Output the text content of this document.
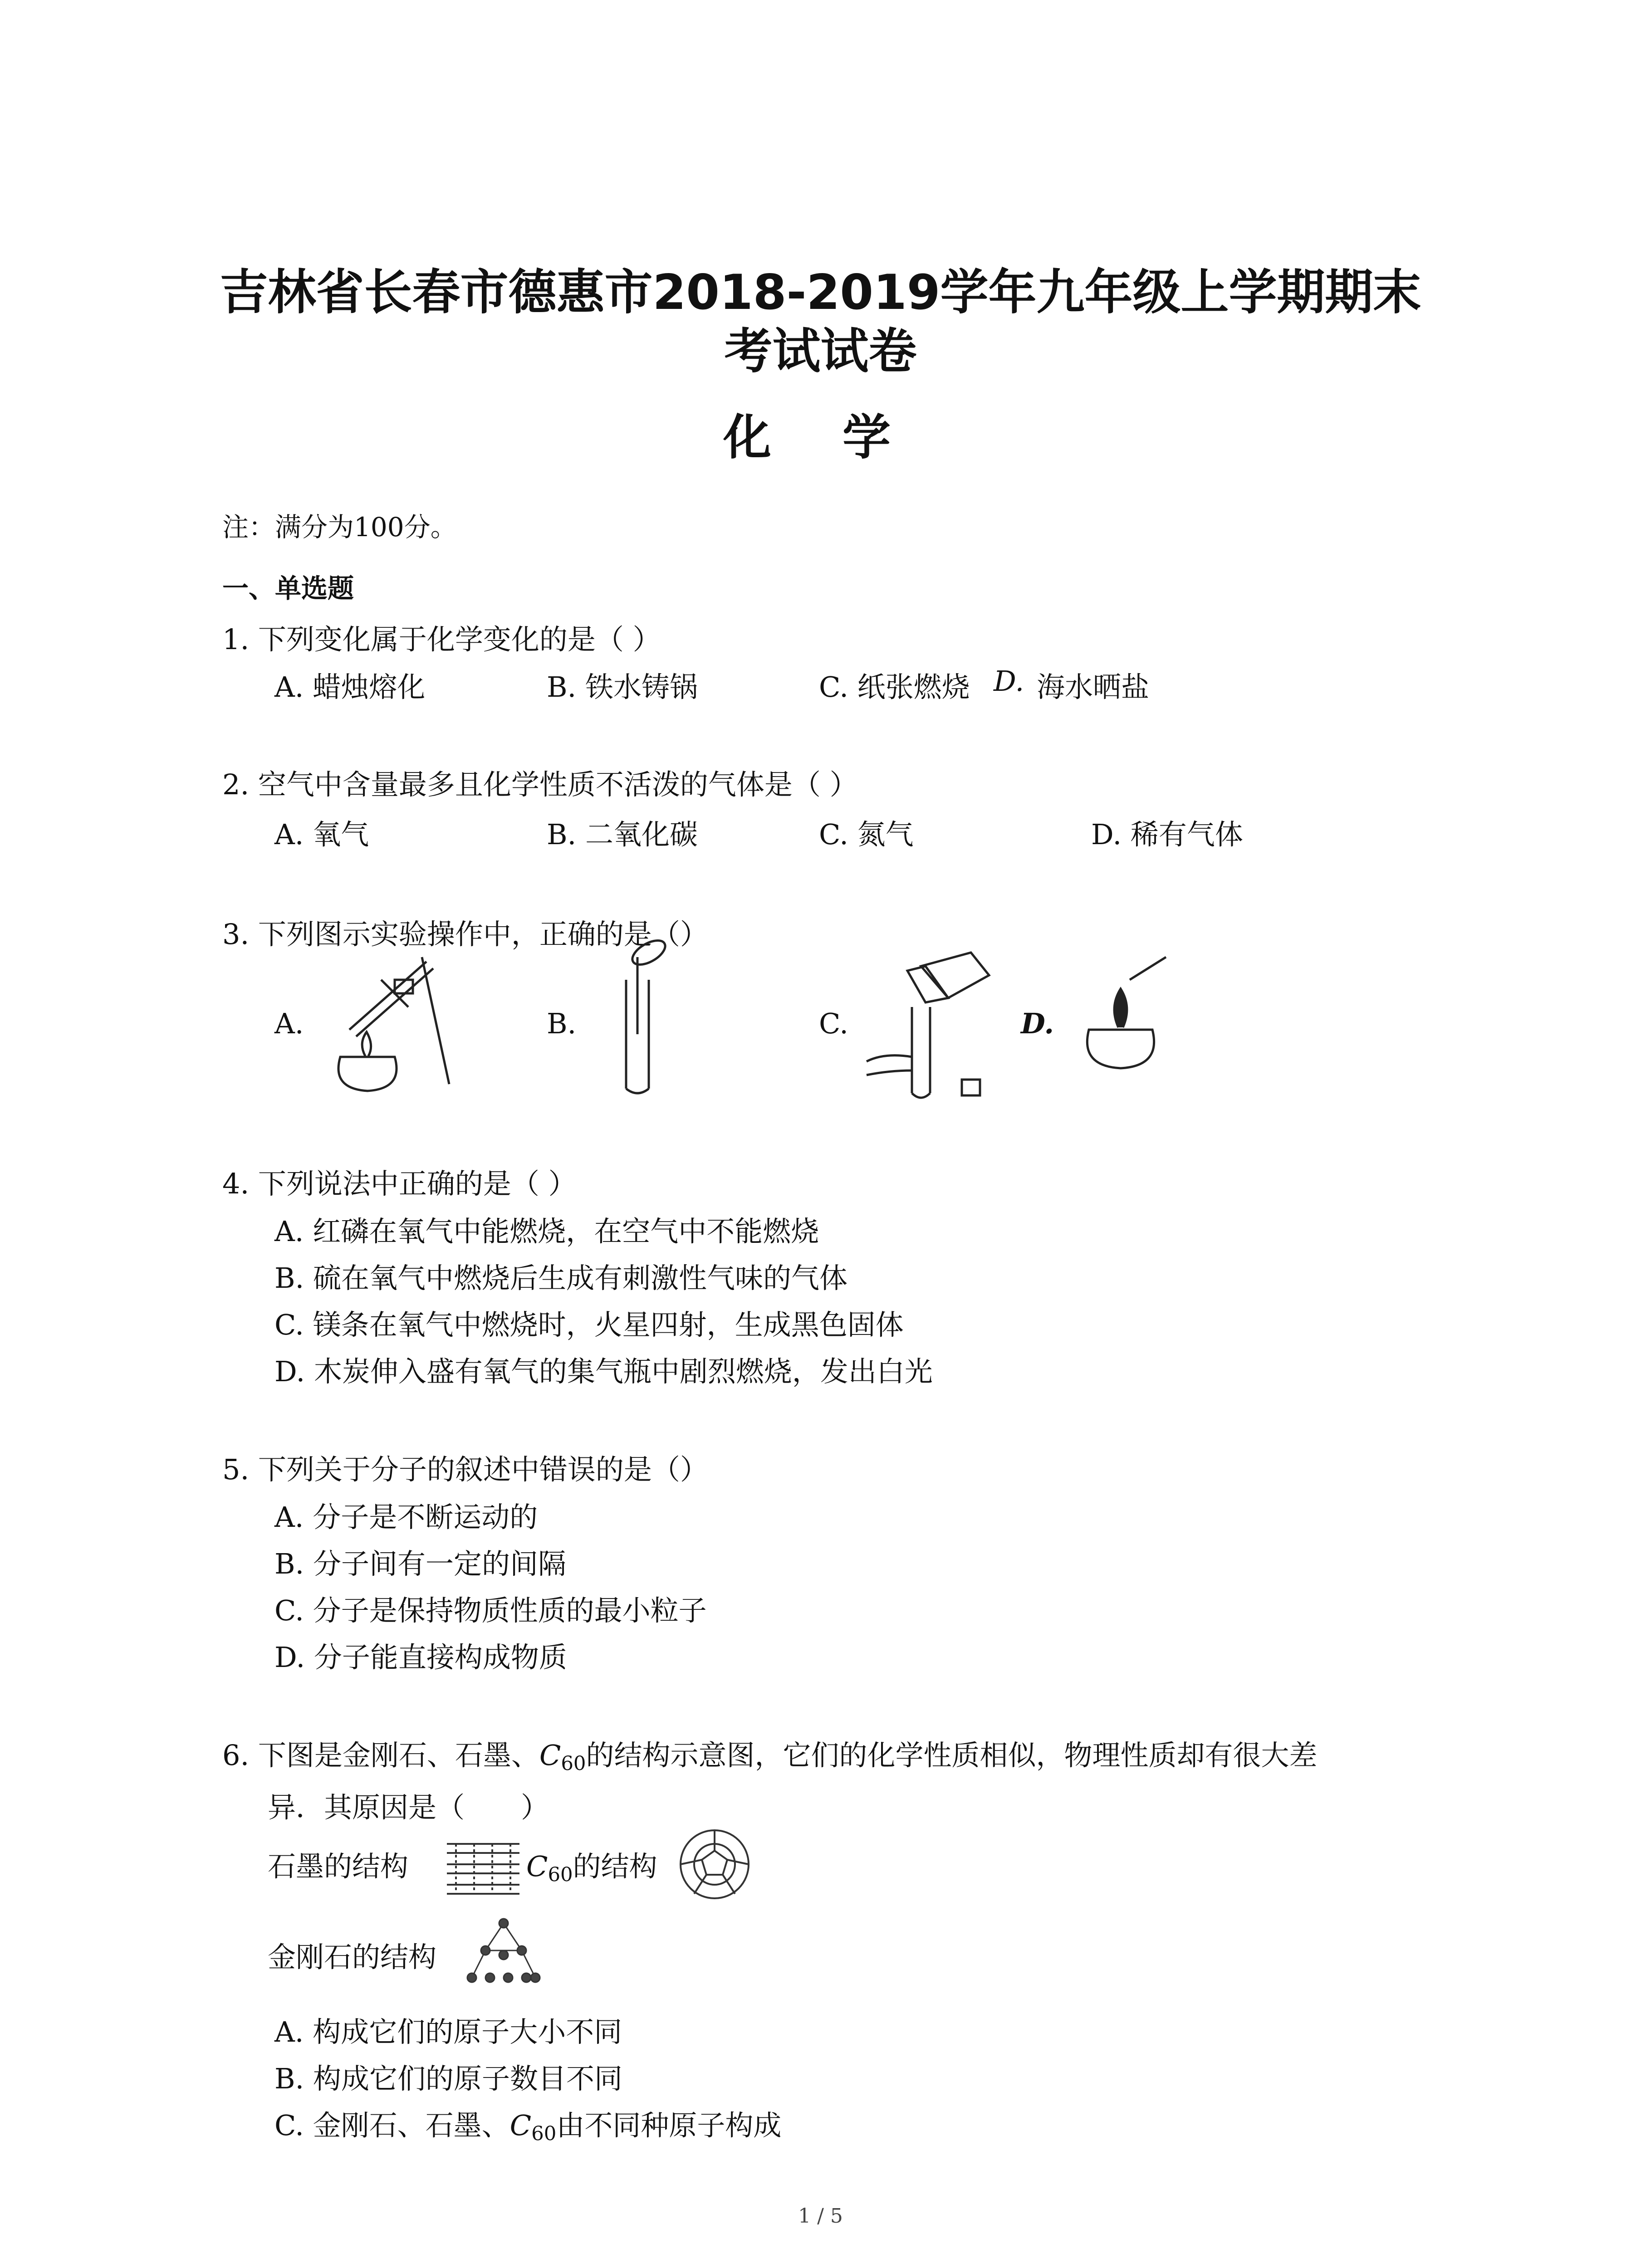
吉林省长春市德惠市2018-2019学年九年级上学期期末
考试试卷
化 学
注：满分为100分。
一、单选题
1. 下列变化属于化学变化的是（ ）
A. 蜡烛熔化	B. 铁水铸锅	C. 纸张燃烧 D. 海水晒盐
2. 空气中含量最多且化学性质不活泼的气体是（ ）
A. 氧气	B. 二氧化碳	C. 氮气	D. 稀有气体
3. 下列图示实验操作中，正确的是（）
A.	B.	C.	D.
4. 下列说法中正确的是（ ）
A. 红磷在氧气中能燃烧，在空气中不能燃烧
B. 硫在氧气中燃烧后生成有刺激性气味的气体
C. 镁条在氧气中燃烧时，火星四射，生成黑色固体
D. 木炭伸入盛有氧气的集气瓶中剧烈燃烧，发出白光
5. 下列关于分子的叙述中错误的是（）
A. 分子是不断运动的
B. 分子间有一定的间隔
C. 分子是保持物质性质的最小粒子
D. 分子能直接构成物质
6. 下图是金刚石、石墨、$C_{60}$的结构示意图，它们的化学性质相似，物理性质却有很大差
异．其原因是（　　）
石墨的结构	$C_{60}$的结构
金刚石的结构
A. 构成它们的原子大小不同
B. 构成它们的原子数目不同
C. 金刚石、石墨、$C_{60}$由不同种原子构成
1 / 5
